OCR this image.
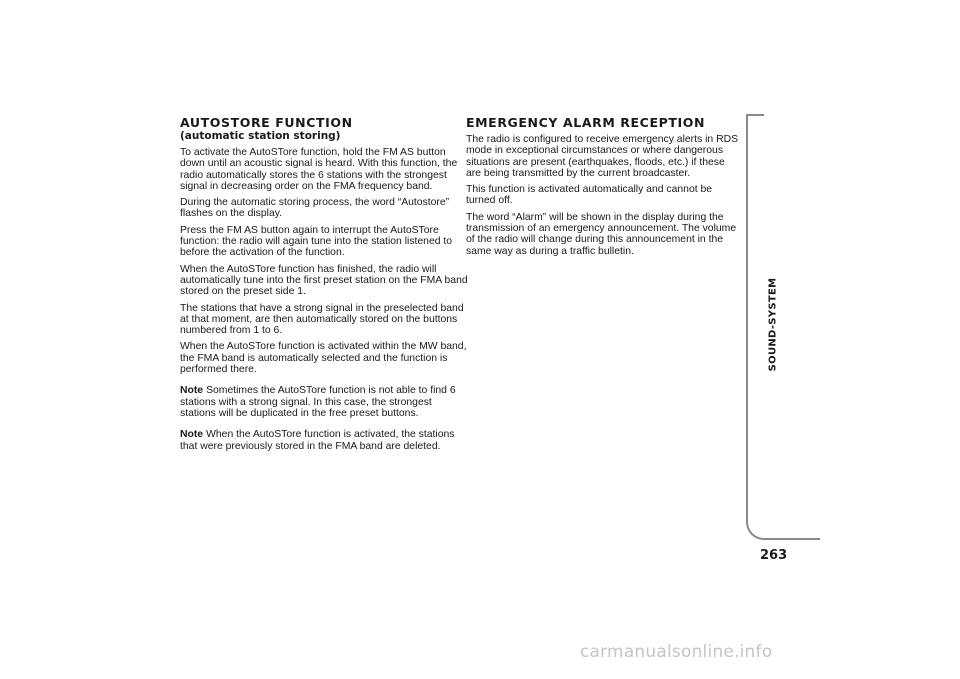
AUTOSTORE FUNCTION
(automatic station storing)

To activate the AutoSTore function, hold the FM AS button down until an acoustic signal is heard. With this function, the radio automatically stores the 6 stations with the strongest signal in decreasing order on the FMA frequency band.

During the automatic storing process, the word “Autostore” flashes on the display.

Press the FM AS button again to interrupt the AutoSTore function: the radio will again tune into the station listened to before the activation of the function.

When the AutoSTore function has finished, the radio will automatically tune into the first preset station on the FMA band stored on the preset side 1.

The stations that have a strong signal in the preselected band at that moment, are then automatically stored on the buttons numbered from 1 to 6.

When the AutoSTore function is activated within the MW band, the FMA band is automatically selected and the function is performed there.

Note Sometimes the AutoSTore function is not able to find 6 stations with a strong signal. In this case, the strongest stations will be duplicated in the free preset buttons.

Note When the AutoSTore function is activated, the stations that were previously stored in the FMA band are deleted.

EMERGENCY ALARM RECEPTION

The radio is configured to receive emergency alerts in RDS mode in exceptional circumstances or where dangerous situations are present (earthquakes, floods, etc.) if these are being transmitted by the current broadcaster.

This function is activated automatically and cannot be turned off.

The word “Alarm” will be shown in the display during the transmission of an emergency announcement. The volume of the radio will change during this announcement in the same way as during a traffic bulletin.

SOUND-SYSTEM
263
carmanualsonline.info
